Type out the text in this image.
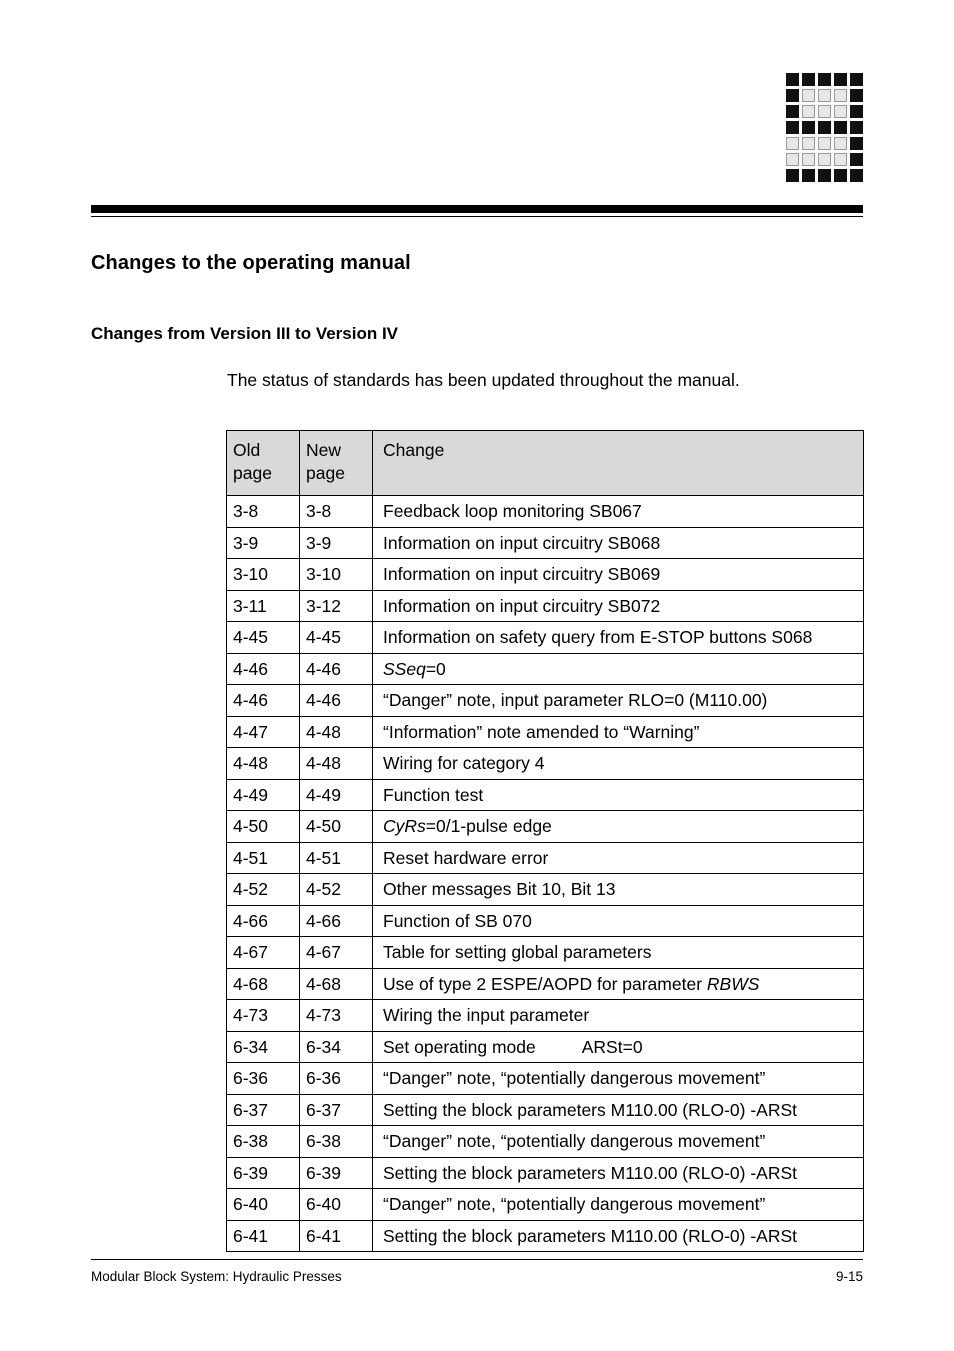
Changes to the operating manual
Changes from Version III to Version IV

The status of standards has been updated throughout the manual.

Old page	New page	Change
3-8	3-8	Feedback loop monitoring SB067
3-9	3-9	Information on input circuitry SB068
3-10	3-10	Information on input circuitry SB069
3-11	3-12	Information on input circuitry SB072
4-45	4-45	Information on safety query from E-STOP buttons S068
4-46	4-46	SSeq=0
4-46	4-46	“Danger” note, input parameter RLO=0 (M110.00)
4-47	4-48	“Information” note amended to “Warning”
4-48	4-48	Wiring for category 4
4-49	4-49	Function test
4-50	4-50	CyRs=0/1-pulse edge
4-51	4-51	Reset hardware error
4-52	4-52	Other messages Bit 10, Bit 13
4-66	4-66	Function of SB 070
4-67	4-67	Table for setting global parameters
4-68	4-68	Use of type 2 ESPE/AOPD for parameter RBWS
4-73	4-73	Wiring the input parameter
6-34	6-34	Set operating mode ARSt=0
6-36	6-36	“Danger” note, “potentially dangerous movement”
6-37	6-37	Setting the block parameters M110.00 (RLO-0) -ARSt
6-38	6-38	“Danger” note, “potentially dangerous movement”
6-39	6-39	Setting the block parameters M110.00 (RLO-0) -ARSt
6-40	6-40	“Danger” note, “potentially dangerous movement”
6-41	6-41	Setting the block parameters M110.00 (RLO-0) -ARSt
Modular Block System: Hydraulic Presses	9-15
